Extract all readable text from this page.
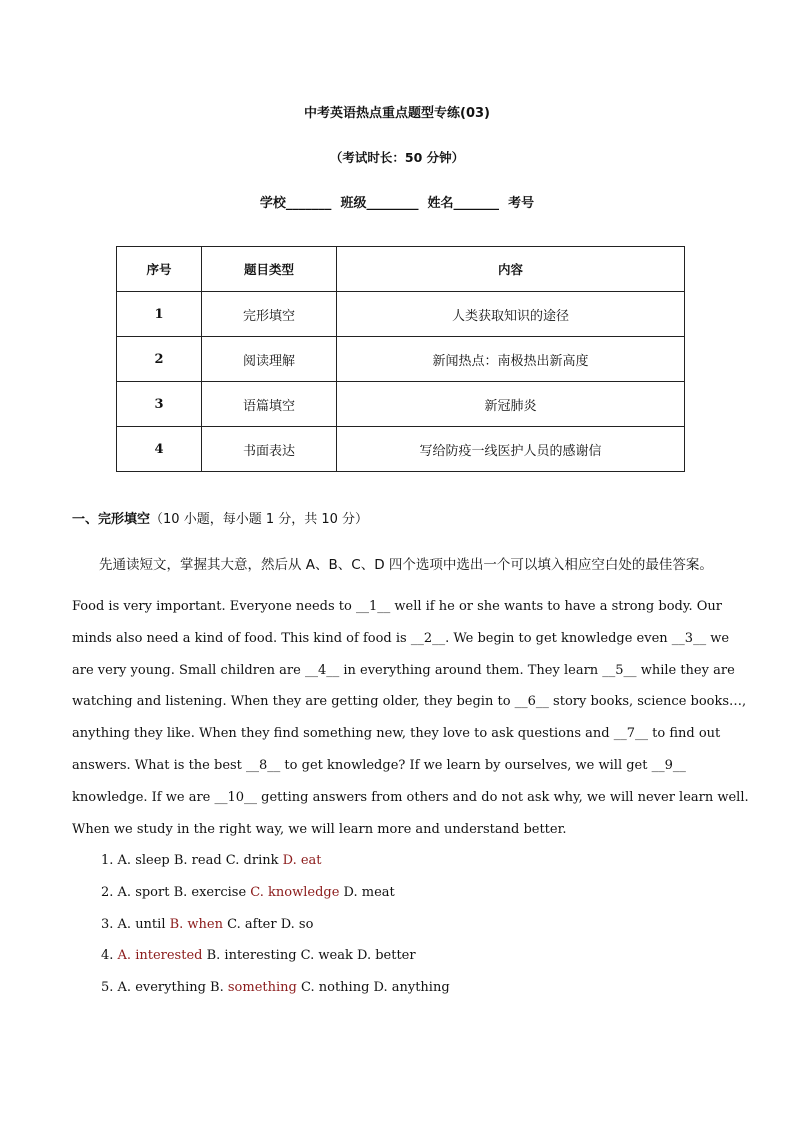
中考英语热点重点题型专练(03)
（考试时长：50 分钟）
学校_______  班级________  姓名_______  考号
序号	题目类型	内容
1	完形填空	人类获取知识的途径
2	阅读理解	新闻热点：南极热出新高度
3	语篇填空	新冠肺炎
4	书面表达	写给防疫一线医护人员的感谢信
一、完形填空（10 小题，每小题 1 分，共 10 分）
先通读短文，掌握其大意，然后从 A、B、C、D 四个选项中选出一个可以填入相应空白处的最佳答案。
Food is very important. Everyone needs to __1__ well if he or she wants to have a strong body. Our
minds also need a kind of food. This kind of food is __2__. We begin to get knowledge even __3__ we
are very young. Small children are __4__ in everything around them. They learn __5__ while they are
watching and listening. When they are getting older, they begin to __6__ story books, science books…,
anything they like. When they find something new, they love to ask questions and __7__ to find out
answers. What is the best __8__ to get knowledge? If we learn by ourselves, we will get __9__
knowledge. If we are __10__ getting answers from others and do not ask why, we will never learn well.
When we study in the right way, we will learn more and understand better.
1. A. sleep B. read C. drink D. eat
2. A. sport B. exercise C. knowledge D. meat
3. A. until B. when C. after D. so
4. A. interested B. interesting C. weak D. better
5. A. everything B. something C. nothing D. anything
